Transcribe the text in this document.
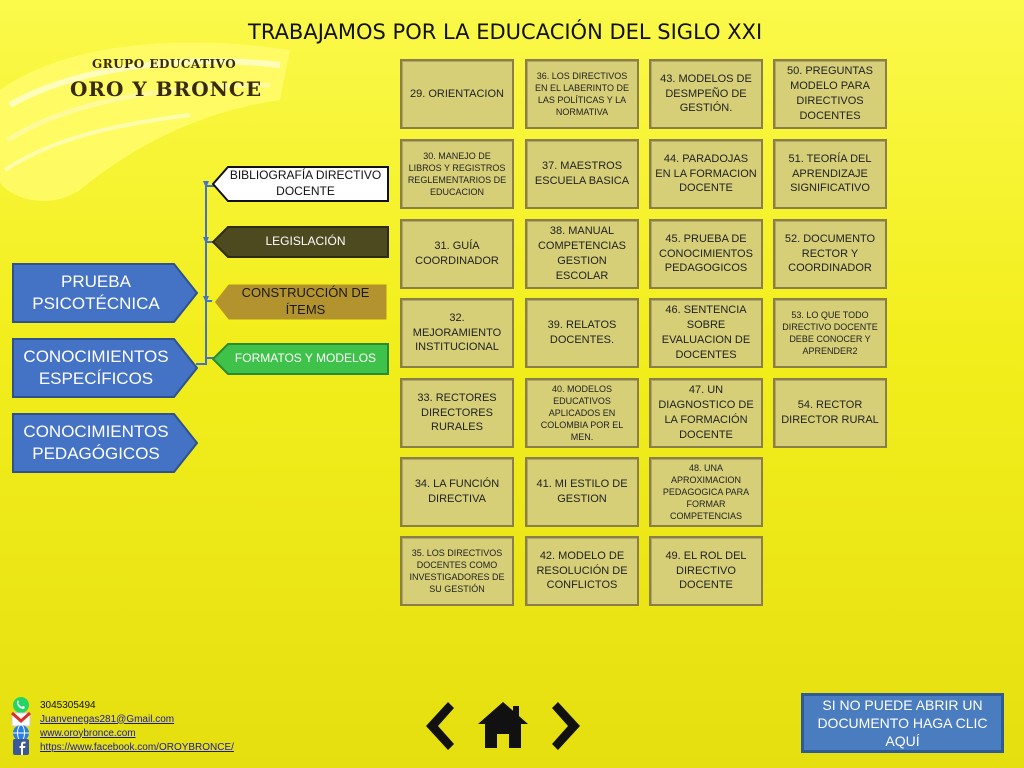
GRUPO EDUCATIVO
ORO Y BRONCE
TRABAJAMOS POR LA EDUCACIÓN DEL SIGLO XXI
PRUEBA PSICOTÉCNICA
CONOCIMIENTOS ESPECÍFICOS
CONOCIMIENTOS PEDAGÓGICOS
BIBLIOGRAFÍA DIRECTIVO DOCENTE
LEGISLACIÓN
CONSTRUCCIÓN DE ÍTEMS
FORMATOS Y MODELOS
29. ORIENTACION
30. MANEJO DE LIBROS Y REGISTROS REGLEMENTARIOS DE EDUCACION
31. GUÍA COORDINADOR
32. MEJORAMIENTO INSTITUCIONAL
33. RECTORES DIRECTORES RURALES
34. LA FUNCIÓN DIRECTIVA
35. LOS DIRECTIVOS DOCENTES COMO INVESTIGADORES DE SU GESTIÓN
36. LOS DIRECTIVOS EN EL LABERINTO DE LAS POLÍTICAS Y LA NORMATIVA
37. MAESTROS ESCUELA BASICA
38. MANUAL COMPETENCIAS GESTION ESCOLAR
39. RELATOS DOCENTES.
40. MODELOS EDUCATIVOS APLICADOS EN COLOMBIA POR EL MEN.
41. MI ESTILO DE GESTION
42. MODELO DE RESOLUCIÓN DE CONFLICTOS
43. MODELOS DE DESMPEÑO DE GESTIÓN.
44. PARADOJAS EN LA FORMACION DOCENTE
45. PRUEBA DE CONOCIMIENTOS PEDAGOGICOS
46. SENTENCIA SOBRE EVALUACION DE DOCENTES
47. UN DIAGNOSTICO DE LA FORMACIÓN DOCENTE
48. UNA APROXIMACION PEDAGOGICA PARA FORMAR COMPETENCIAS
49. EL ROL DEL DIRECTIVO DOCENTE
50. PREGUNTAS MODELO PARA DIRECTIVOS DOCENTES
51. TEORÍA DEL APRENDIZAJE SIGNIFICATIVO
52. DOCUMENTO RECTOR Y COORDINADOR
53. LO QUE TODO DIRECTIVO DOCENTE DEBE CONOCER Y APRENDER2
54. RECTOR DIRECTOR RURAL
3045305494
Juanvenegas281@Gmail.com
www.oroybronce.com
https://www.facebook.com/OROYBRONCE/
SI NO PUEDE ABRIR UN DOCUMENTO HAGA CLIC AQUÍ
